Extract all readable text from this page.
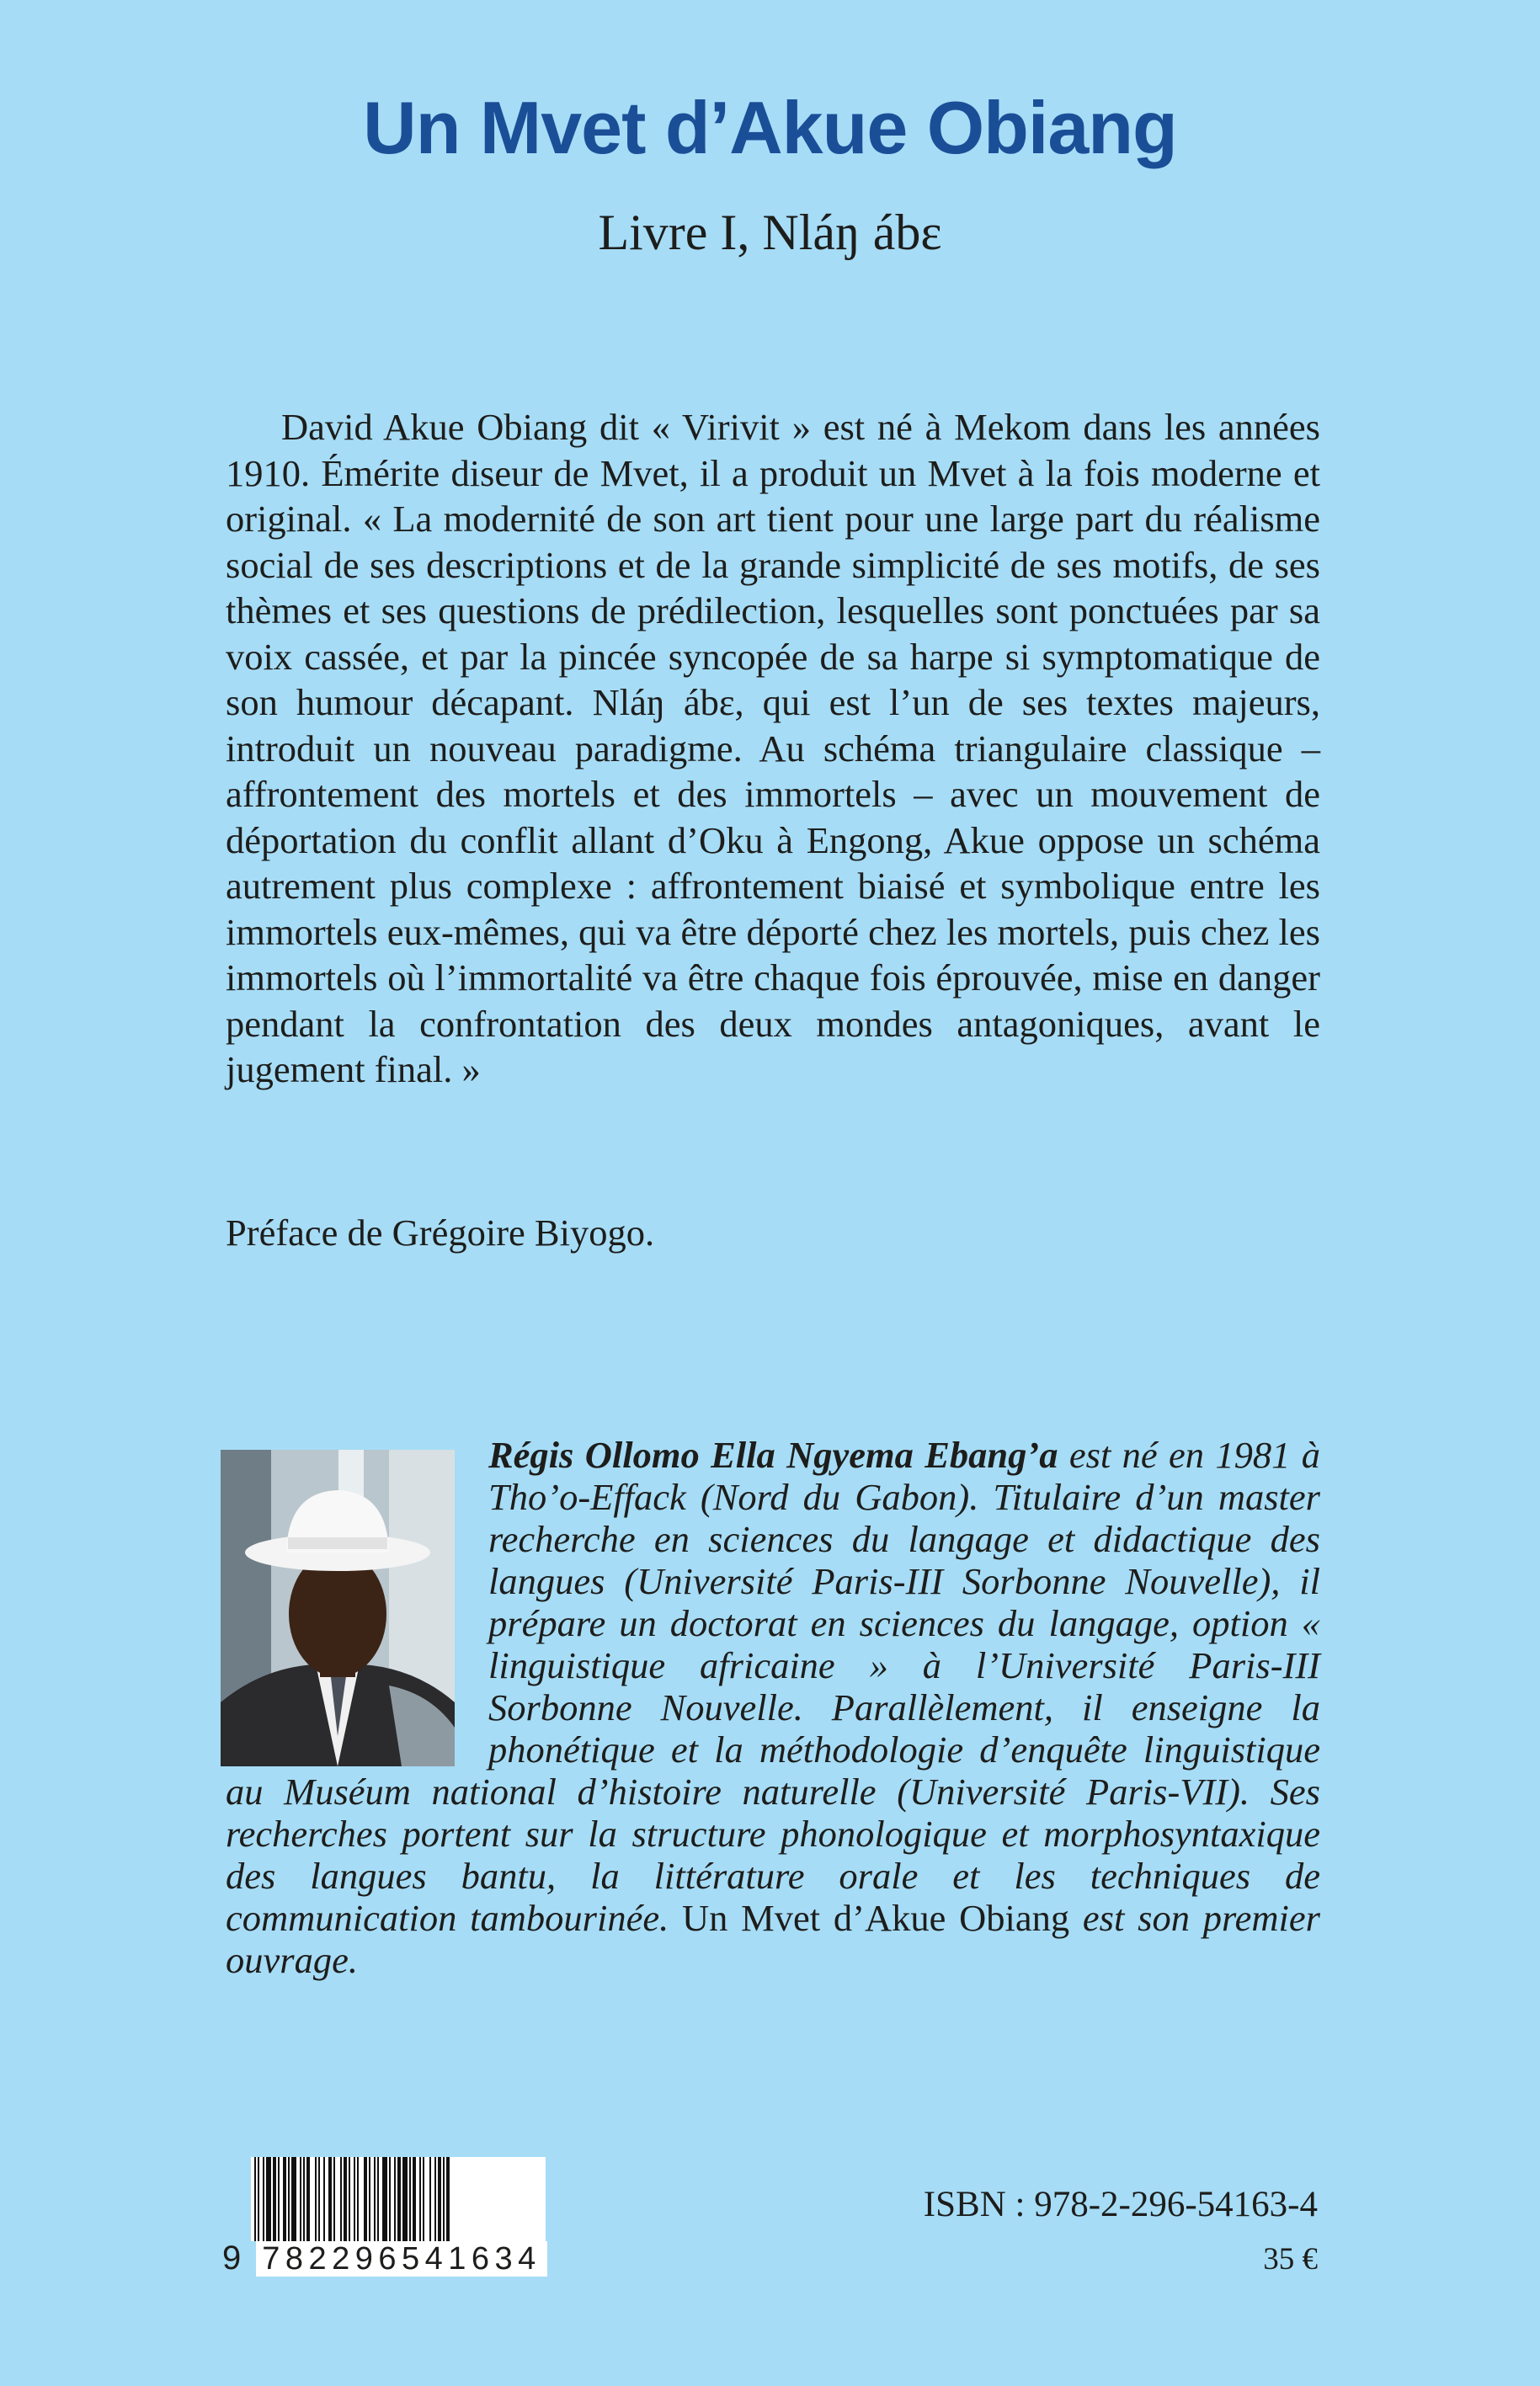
Un Mvet d’Akue Obiang
Livre I, Nláŋ ábɛ

David Akue Obiang dit « Virivit » est né à Mekom dans les années 1910. Émérite diseur de Mvet, il a produit un Mvet à la fois moderne et original. « La modernité de son art tient pour une large part du réalisme social de ses descriptions et de la grande simplicité de ses motifs, de ses thèmes et ses questions de prédilection, lesquelles sont ponctuées par sa voix cassée, et par la pincée syncopée de sa harpe si symptomatique de son humour décapant. Nláŋ ábɛ, qui est l’un de ses textes majeurs, introduit un nouveau paradigme. Au schéma triangulaire classique – affrontement des mortels et des immortels – avec un mouvement de déportation du conflit allant d’Oku à Engong, Akue oppose un schéma autrement plus complexe : affrontement biaisé et symbolique entre les immortels eux-mêmes, qui va être déporté chez les mortels, puis chez les immortels où l’immortalité va être chaque fois éprouvée, mise en danger pendant la confrontation des deux mondes antagoniques, avant le jugement final. »

Préface de Grégoire Biyogo.
Régis Ollomo Ella Ngyema Ebang’a est né en 1981 à Tho’o-Effack (Nord du Gabon). Titulaire d’un master recherche en sciences du langage et didactique des langues (Université Paris-III Sorbonne Nouvelle), il prépare un doctorat en sciences du langage, option « linguistique africaine » à l’Université Paris-III Sorbonne Nouvelle. Parallèlement, il enseigne la phonétique et la méthodologie d’enquête linguistique au Muséum national d’histoire naturelle (Université Paris-VII). Ses recherches portent sur la structure phonologique et morphosyntaxique des langues bantu, la littérature orale et les techniques de communication tambourinée. Un Mvet d’Akue Obiang est son premier ouvrage.
9 782296541634
ISBN : 978-2-296-54163-4
35 €
